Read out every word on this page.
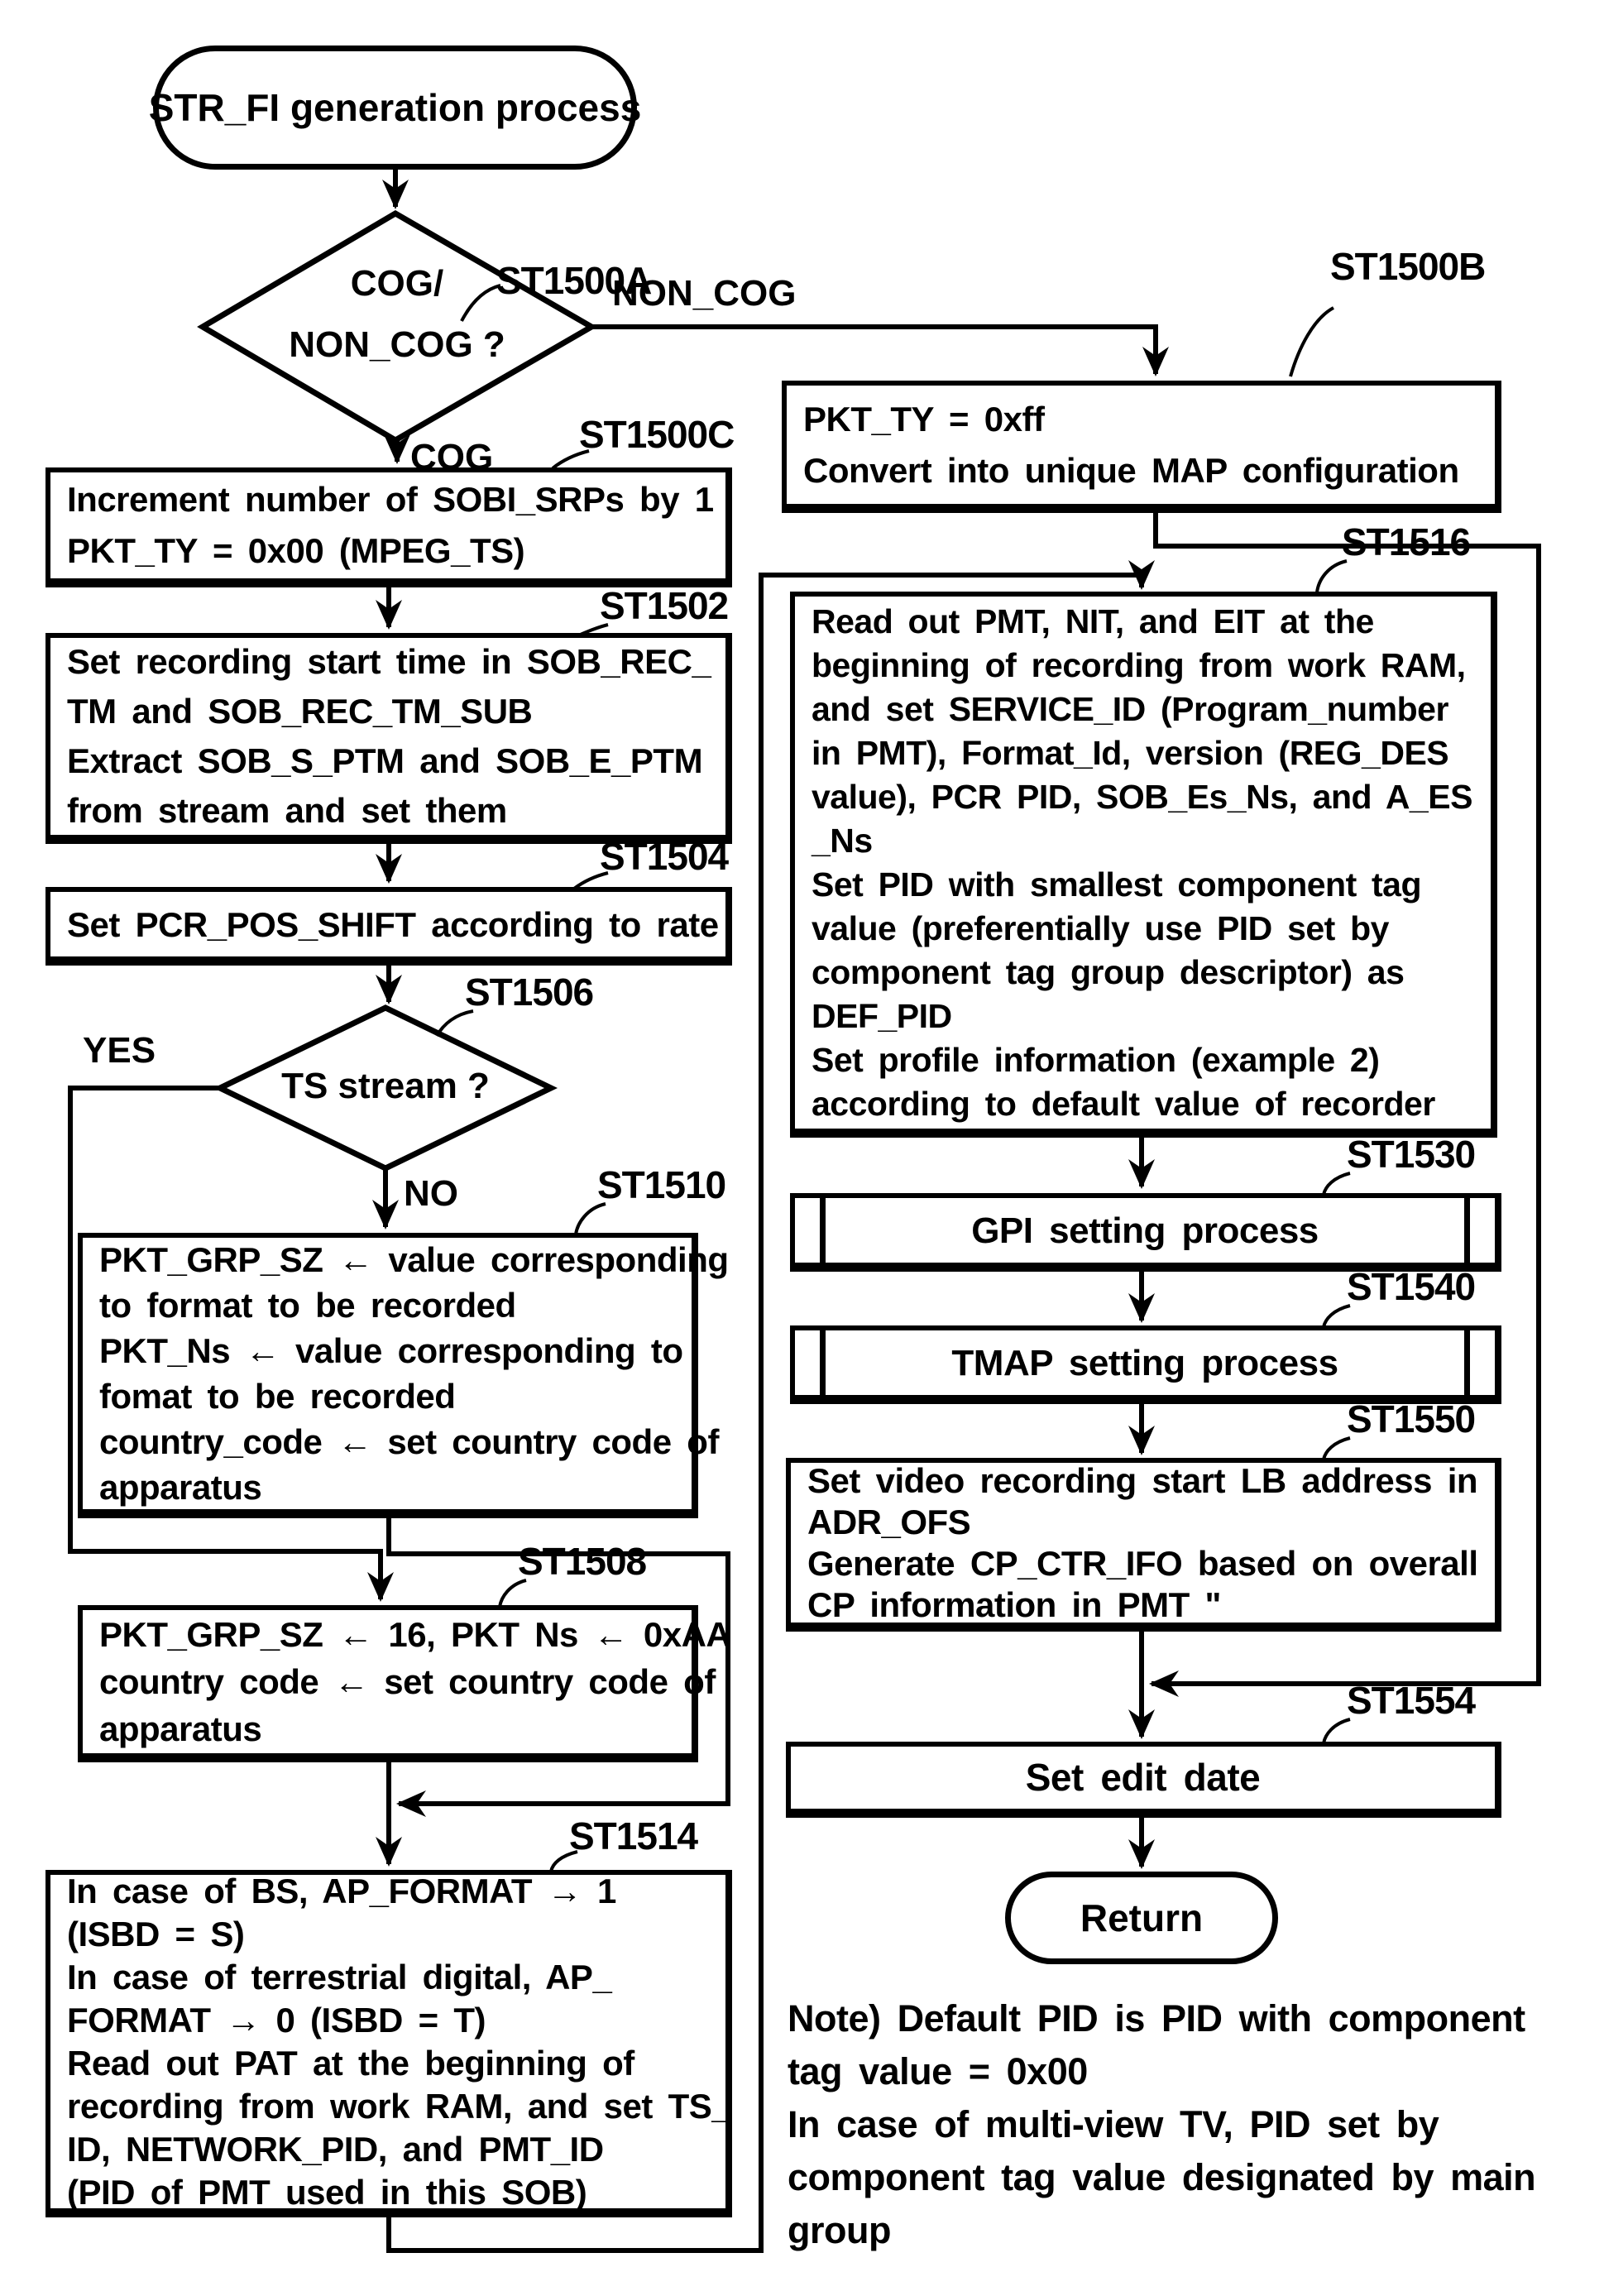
STR_FI generation process
Return
COG/
NON_COG ?
TS stream ?
Increment number of SOBI_SRPs by 1
PKT_TY = 0x00 (MPEG_TS)
Set recording start time in SOB_REC_
TM and SOB_REC_TM_SUB
Extract SOB_S_PTM and SOB_E_PTM
from stream and set them
Set PCR_POS_SHIFT according to rate
PKT_GRP_SZ ← value corresponding
to format to be recorded
PKT_Ns ← value corresponding to
fomat to be recorded
country_code ← set country code of
apparatus
PKT_GRP_SZ ← 16, PKT Ns ← 0xAA
country code ← set country code of
apparatus
In case of BS, AP_FORMAT → 1
(ISBD = S)
In case of terrestrial digital, AP_
FORMAT → 0 (ISBD = T)
Read out PAT at the beginning of
recording from work RAM, and set TS_
ID, NETWORK_PID, and PMT_ID
(PID of PMT used in this SOB)
PKT_TY = 0xff
Convert into unique MAP configuration
Read out PMT, NIT, and EIT at the
beginning of recording from work RAM,
and set SERVICE_ID (Program_number
in PMT), Format_Id, version (REG_DES
value), PCR PID, SOB_Es_Ns, and A_ES
_Ns
Set PID with smallest component tag
value (preferentially use PID set by
component tag group descriptor) as
DEF_PID
Set profile information (example 2)
according to default value of recorder
GPI setting process
TMAP setting process
Set video recording start LB address in
ADR_OFS
Generate CP_CTR_IFO based on overall
CP information in PMT "
Set edit date
ST1500A
ST1500C
ST1502
ST1504
ST1506
ST1510
ST1508
ST1514
ST1500B
ST1516
ST1530
ST1540
ST1550
ST1554
COG
NON_COG
YES
NO
Note) Default PID is PID with component
tag value = 0x00
In case of multi-view TV, PID set by
component tag value designated by main
group
